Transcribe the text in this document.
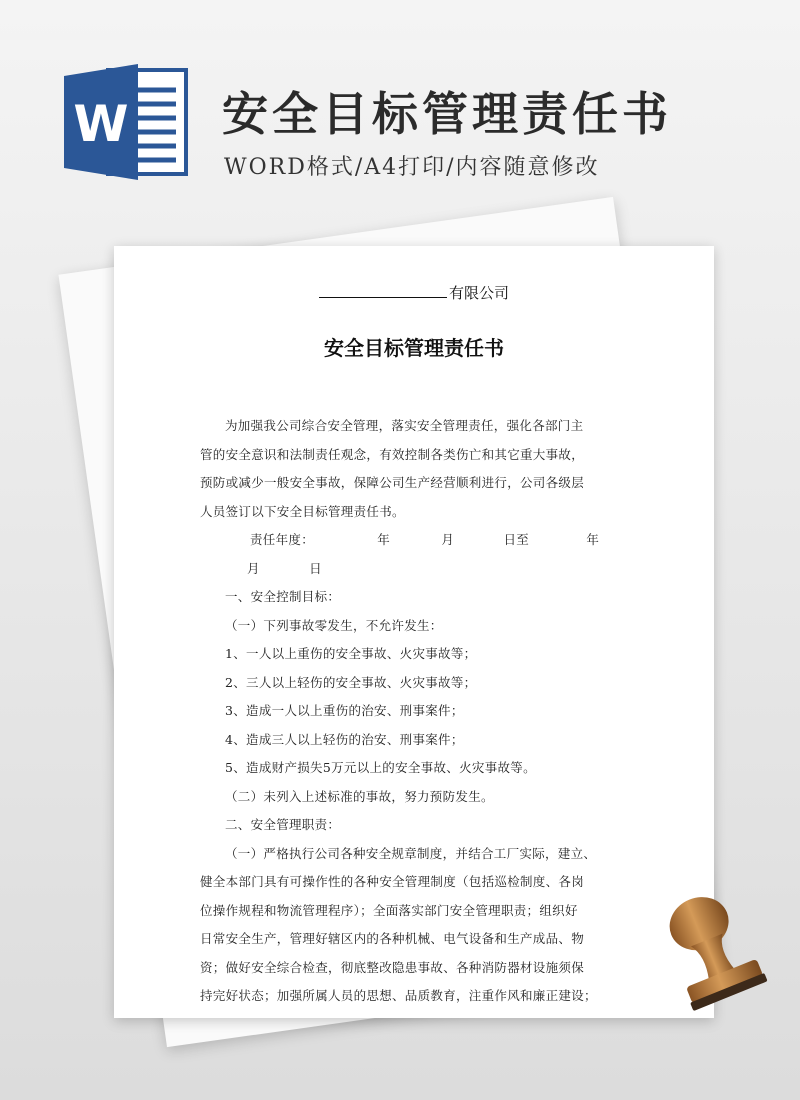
W 安全目标管理责任书

WORD格式/A4打印/内容随意修改

有限公司
安全目标管理责任书

为加强我公司综合安全管理，落实安全管理责任，强化各部门主

管的安全意识和法制责任观念，有效控制各类伤亡和其它重大事故，

预防或减少一般安全事故，保障公司生产经营顺利进行，公司各级层

人员签订以下安全目标管理责任书。

责任年度：	年	月	日至	年 月	日

一、安全控制目标：

（一）下列事故零发生，不允许发生：

1、一人以上重伤的安全事故、火灾事故等；

2、三人以上轻伤的安全事故、火灾事故等；

3、造成一人以上重伤的治安、刑事案件；

4、造成三人以上轻伤的治安、刑事案件；

5、造成财产损失5万元以上的安全事故、火灾事故等。

（二）未列入上述标准的事故，努力预防发生。

二、安全管理职责：

（一）严格执行公司各种安全规章制度，并结合工厂实际，建立、

健全本部门具有可操作性的各种安全管理制度（包括巡检制度、各岗

位操作规程和物流管理程序）；全面落实部门安全管理职责；组织好

日常安全生产，管理好辖区内的各种机械、电气设备和生产成品、物

资；做好安全综合检查，彻底整改隐患事故、各种消防器材设施须保

持完好状态；加强所属人员的思想、品质教育，注重作风和廉正建设；
